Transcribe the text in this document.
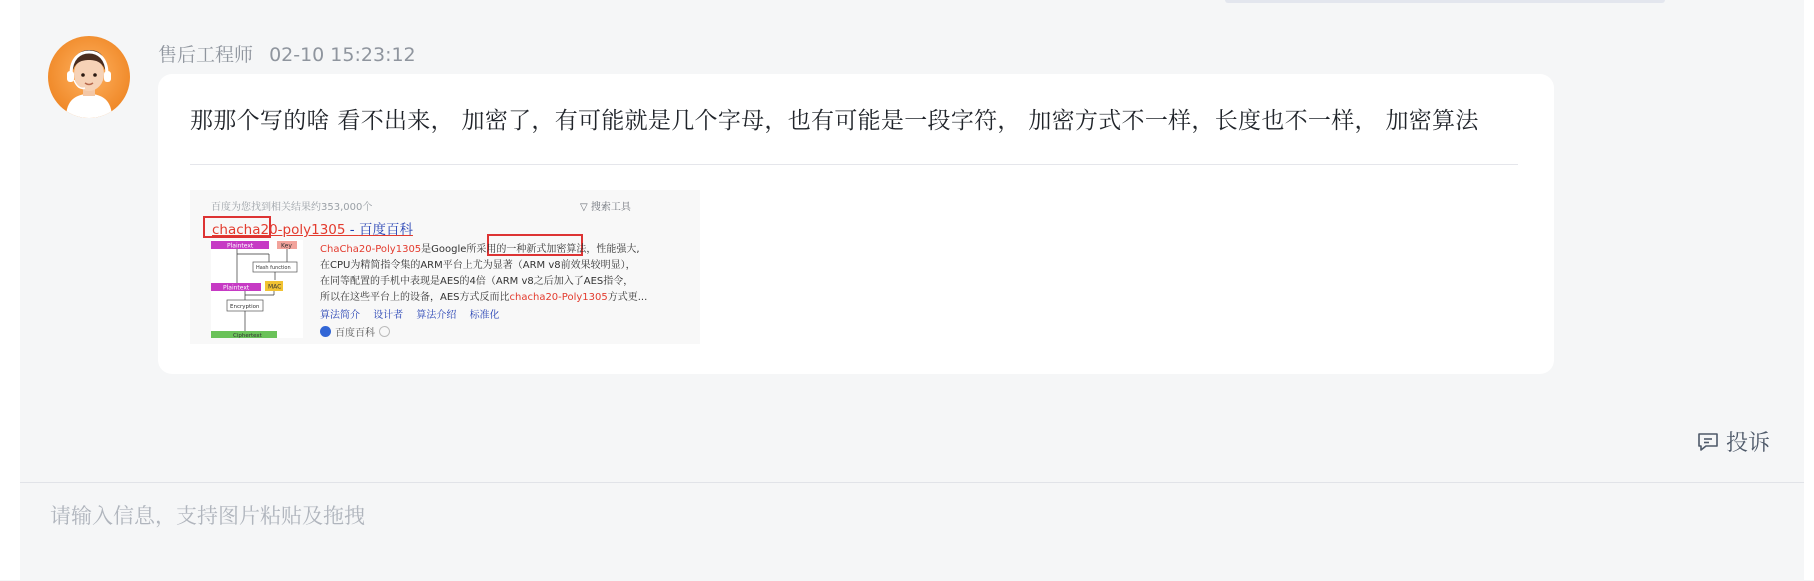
售后工程师 02-10 15:23:12
那那个写的啥 看不出来， 加密了，有可能就是几个字母，也有可能是一段字符， 加密方式不一样，长度也不一样， 加密算法
百度为您找到相关结果约353,000个	▽ 搜索工具
chacha20-poly1305 - 百度百科
Plaintext	Key
Hash function
Plaintext	MAC
Encryption
Ciphertext
ChaCha20-Poly1305是Google所采用的一种新式加密算法，性能强大,
在CPU为精简指令集的ARM平台上尤为显著（ARM v8前效果较明显），
在同等配置的手机中表现是AES的4倍（ARM v8之后加入了AES指令，
所以在这些平台上的设备，AES方式反而比chacha20-Poly1305方式更...
算法简介 设计者 算法介绍 标准化
百度百科
投诉
请输入信息，支持图片粘贴及拖拽
